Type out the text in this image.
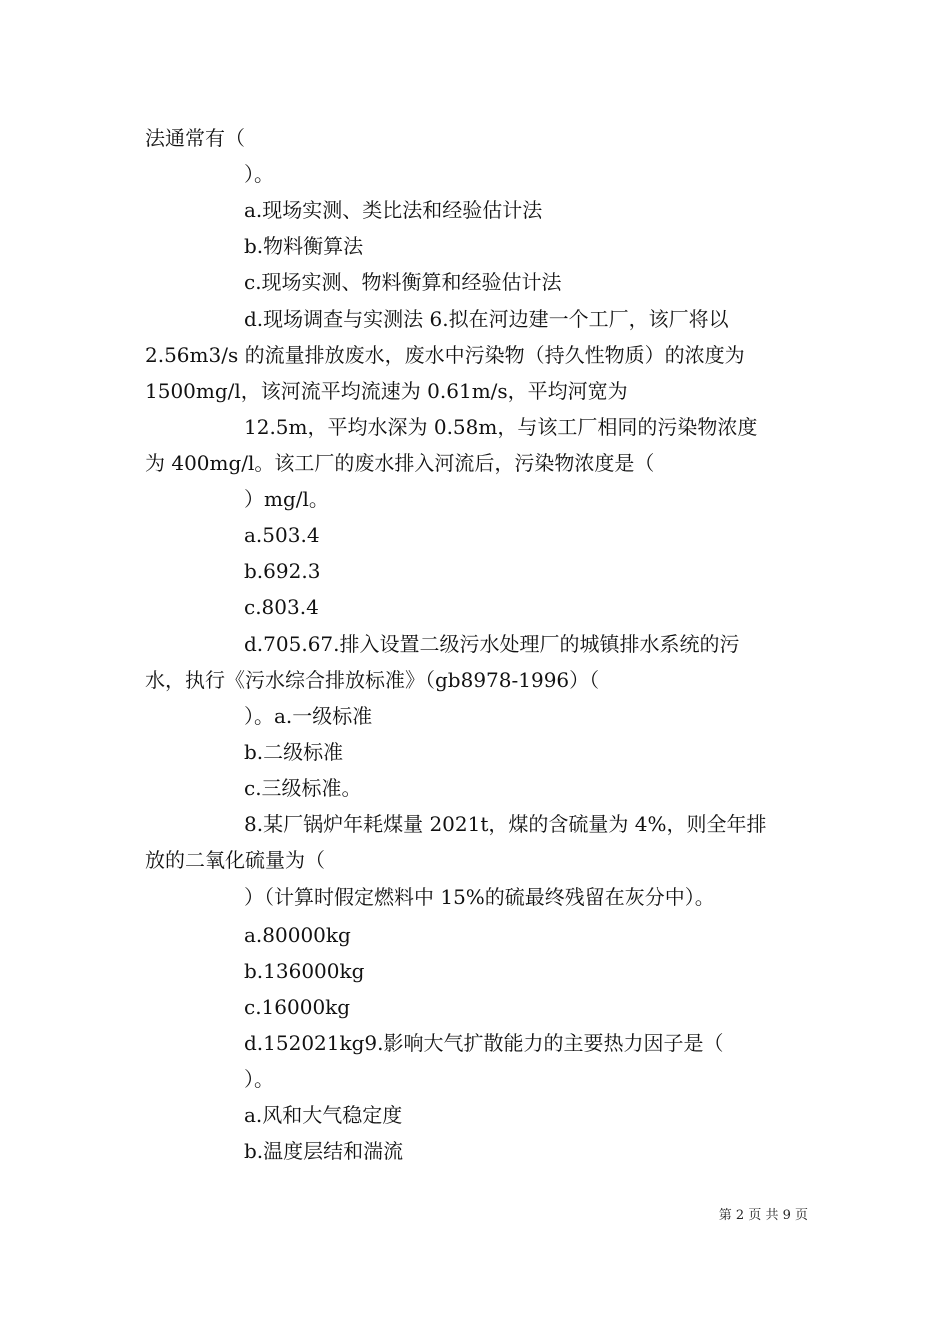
法通常有（
）。
a.现场实测、类比法和经验估计法
b.物料衡算法
c.现场实测、物料衡算和经验估计法
d.现场调查与实测法 6.拟在河边建一个工厂，该厂将以
2.56m3/s 的流量排放废水，废水中污染物（持久性物质）的浓度为
1500mg/l，该河流平均流速为 0.61m/s，平均河宽为
12.5m，平均水深为 0.58m，与该工厂相同的污染物浓度
为 400mg/l。该工厂的废水排入河流后，污染物浓度是（
）mg/l。
a.503.4
b.692.3
c.803.4
d.705.67.排入设置二级污水处理厂的城镇排水系统的污
水，执行《污水综合排放标准》（gb8978-1996）（
）。a.一级标准
b.二级标准
c.三级标准。
8.某厂锅炉年耗煤量 2021t，煤的含硫量为 4%，则全年排
放的二氧化硫量为（
）（计算时假定燃料中 15%的硫最终残留在灰分中）。
a.80000kg
b.136000kg
c.16000kg
d.152021kg9.影响大气扩散能力的主要热力因子是（
）。
a.风和大气稳定度
b.温度层结和湍流
第 2 页 共 9 页
